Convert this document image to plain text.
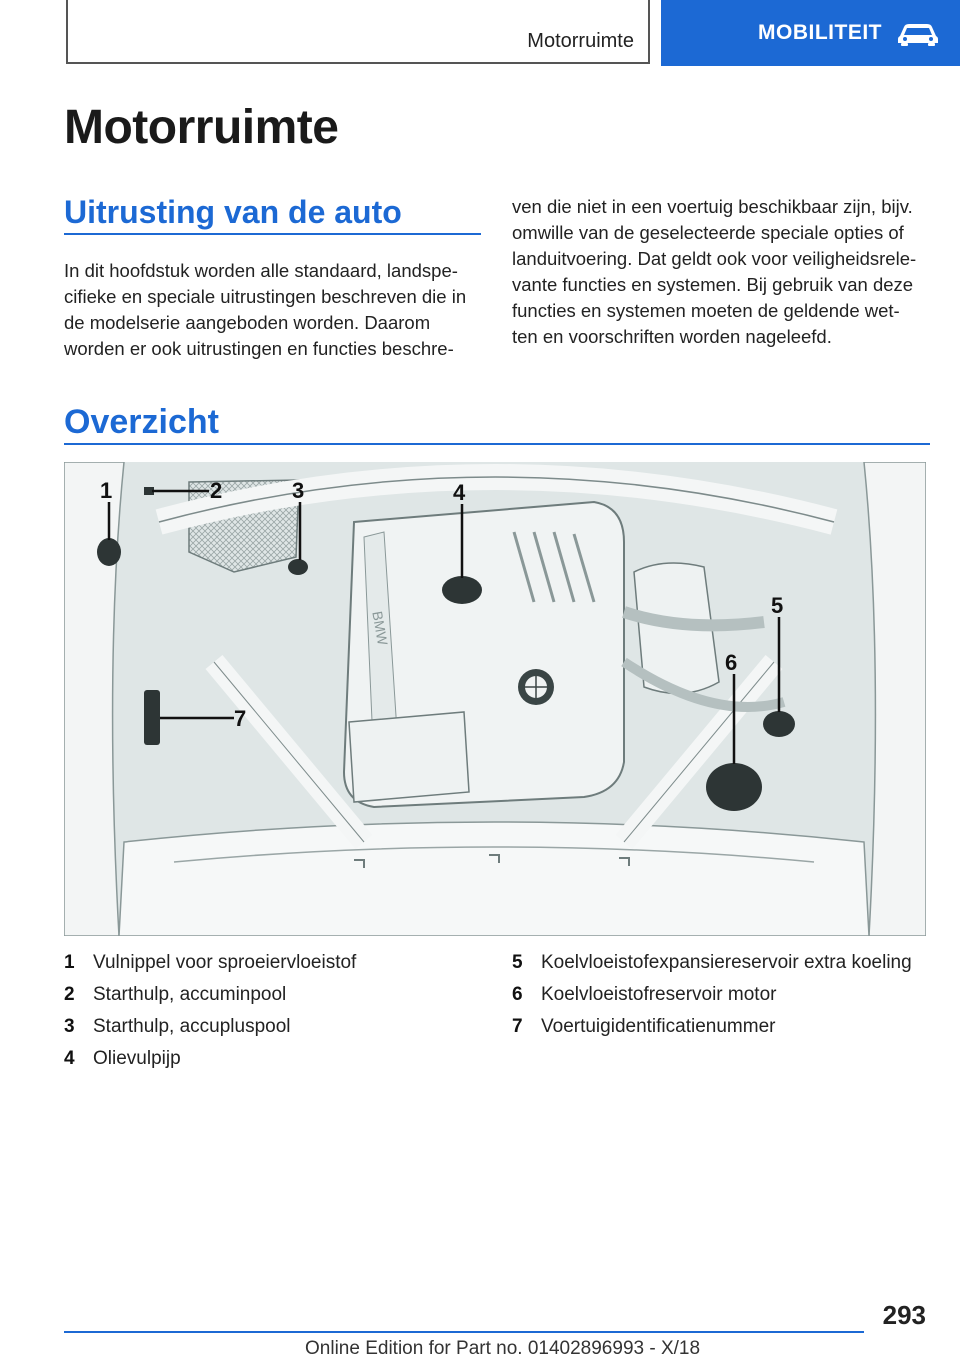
Motorruimte	MOBILITEIT
Motorruimte
Uitrusting van de auto
In dit hoofdstuk worden alle standaard, landspe-
cifieke en speciale uitrustingen beschreven die in
de modelserie aangeboden worden. Daarom
worden er ook uitrustingen en functies beschre-
ven die niet in een voertuig beschikbaar zijn, bijv.
omwille van de geselecteerde speciale opties of
landuitvoering. Dat geldt ook voor veiligheidsrele-
vante functies en systemen. Bij gebruik van deze
functies en systemen moeten de geldende wet-
ten en voorschriften worden nageleefd.
Overzicht
BMW
1	2	3	4
5
6
7
1 Vulnippel voor sproeiervloeistof
2 Starthulp, accuminpool
3 Starthulp, accupluspool
4 Olievulpijp
5 Koelvloeistofexpansiereservoir extra koeling
6 Koelvloeistofreservoir motor
7 Voertuigidentificatienummer
293
Online Edition for Part no. 01402896993 - X/18
